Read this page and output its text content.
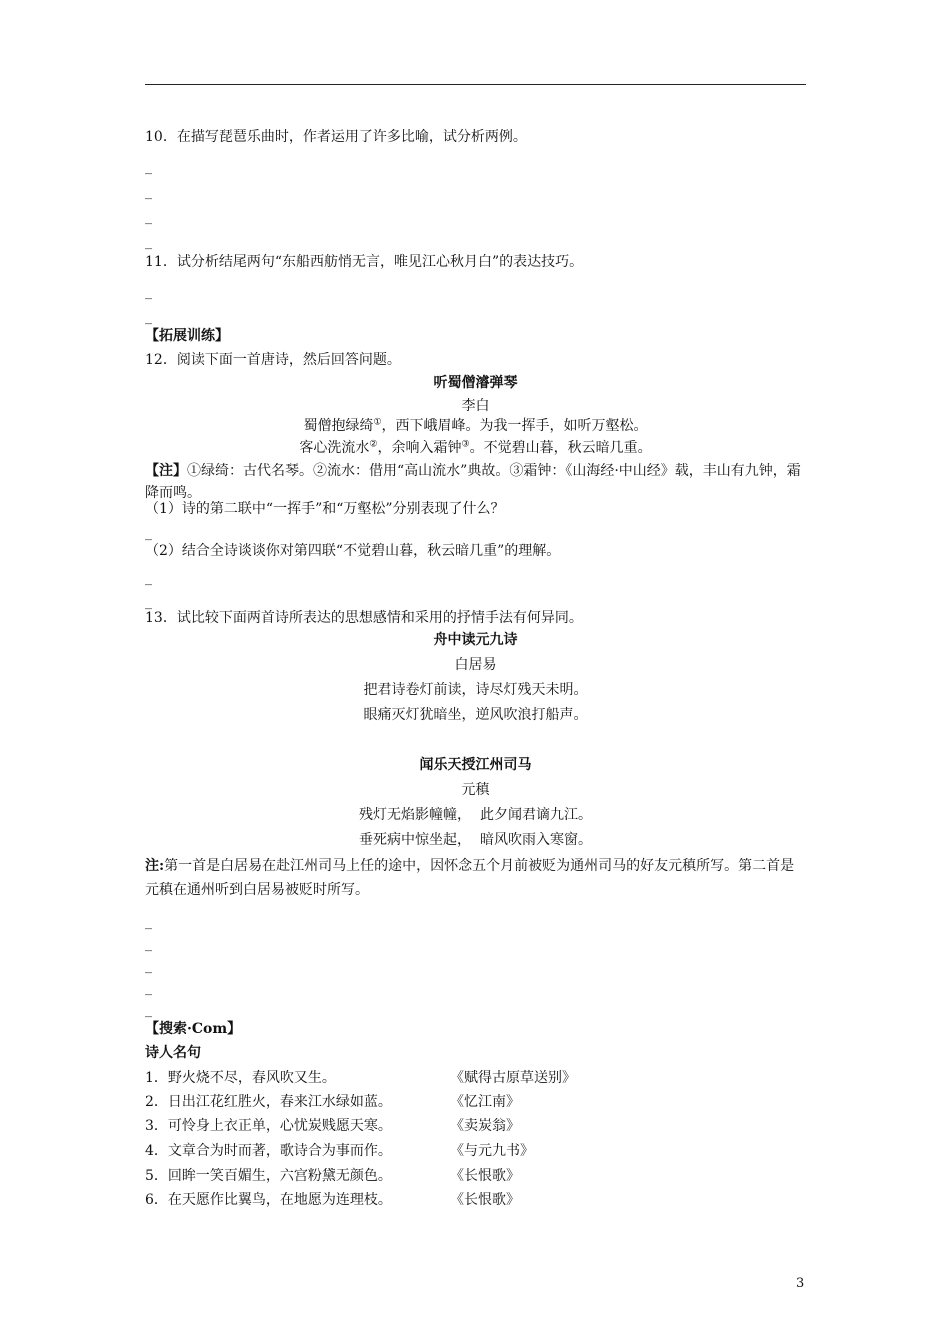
10．在描写琵琶乐曲时，作者运用了许多比喻，试分析两例。
_
_
_
_
11．试分析结尾两句“东船西舫悄无言，唯见江心秋月白”的表达技巧。
_
_
【拓展训练】
12．阅读下面一首唐诗，然后回答问题。
听蜀僧濬弹琴
李白
蜀僧抱绿绮①，西下峨眉峰。为我一挥手，如听万壑松。
客心洗流水②，余响入霜钟③。不觉碧山暮，秋云暗几重。
【注】①绿绮：古代名琴。②流水：借用“高山流水”典故。③霜钟：《山海经·中山经》载，丰山有九钟，霜降而鸣。
（1）诗的第二联中“一挥手”和“万壑松”分别表现了什么？
_
（2）结合全诗谈谈你对第四联“不觉碧山暮，秋云暗几重”的理解。
_
_
13．试比较下面两首诗所表达的思想感情和采用的抒情手法有何异同。
舟中读元九诗
白居易
把君诗卷灯前读，诗尽灯残天未明。
眼痛灭灯犹暗坐，逆风吹浪打船声。
闻乐天授江州司马
元稹
残灯无焰影幢幢，  此夕闻君谪九江。
垂死病中惊坐起，  暗风吹雨入寒窗。
注:第一首是白居易在赴江州司马上任的途中，因怀念五个月前被贬为通州司马的好友元稹所写。第二首是元稹在通州听到白居易被贬时所写。
_
_
_
_
_
【搜索·Com】
诗人名句
1．野火烧不尽，春风吹又生。	《赋得古原草送别》
2．日出江花红胜火，春来江水绿如蓝。	《忆江南》
3．可怜身上衣正单，心忧炭贱愿天寒。	《卖炭翁》
4．文章合为时而著，歌诗合为事而作。	《与元九书》
5．回眸一笑百媚生，六宫粉黛无颜色。	《长恨歌》
6．在天愿作比翼鸟，在地愿为连理枝。	《长恨歌》
3
